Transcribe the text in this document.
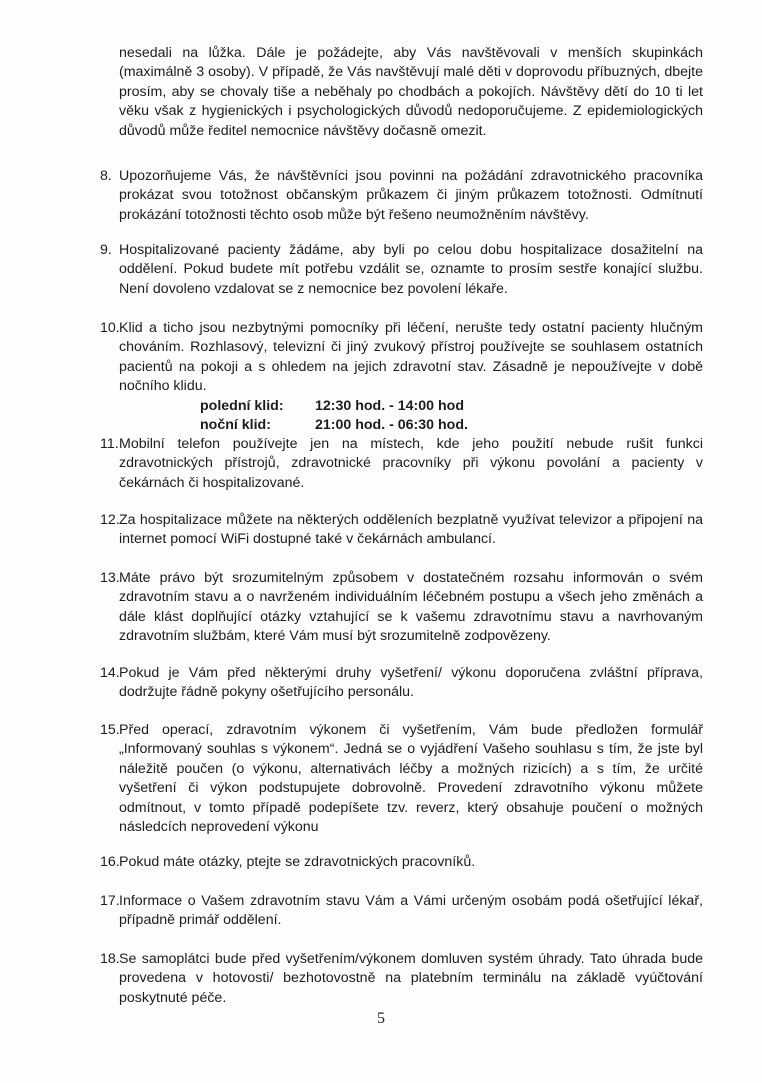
nesedali na lůžka. Dále je požádejte, aby Vás navštěvovali v menších skupinkách (maximálně 3 osoby). V případě, že Vás navštěvují malé děti v doprovodu příbuzných, dbejte prosím, aby se chovaly tiše a neběhaly po chodbách a pokojích. Návštěvy dětí do 10 ti let věku však z hygienických i psychologických důvodů nedoporučujeme. Z epidemiologických důvodů může ředitel nemocnice návštěvy dočasně omezit.
8. Upozorňujeme Vás, že návštěvníci jsou povinni na požádání zdravotnického pracovníka prokázat svou totožnost občanským průkazem či jiným průkazem totožnosti. Odmítnutí prokázání totožnosti těchto osob může být řešeno neumožněním návštěvy.
9. Hospitalizované pacienty žádáme, aby byli po celou dobu hospitalizace dosažitelní na oddělení. Pokud budete mít potřebu vzdálit se, oznamte to prosím sestře konající službu. Není dovoleno vzdalovat se z nemocnice bez povolení lékaře.
10. Klid a ticho jsou nezbytnými pomocníky při léčení, nerušte tedy ostatní pacienty hlučným chováním. Rozhlasový, televizní či jiný zvukový přístroj používejte se souhlasem ostatních pacientů na pokoji a s ohledem na jejich zdravotní stav. Zásadně je nepoužívejte v době nočního klidu.
polední klid:	12:30 hod. - 14:00 hod
noční klid:	21:00 hod. - 06:30 hod.
11. Mobilní telefon používejte jen na místech, kde jeho použití nebude rušit funkci zdravotnických přístrojů, zdravotnické pracovníky při výkonu povolání a pacienty v čekárnách či hospitalizované.
12. Za hospitalizace můžete na některých odděleních bezplatně využívat televizor a připojení na internet pomocí WiFi dostupné také v čekárnách ambulancí.
13. Máte právo být srozumitelným způsobem v dostatečném rozsahu informován o svém zdravotním stavu a o navrženém individuálním léčebném postupu a všech jeho změnách a dále klást doplňující otázky vztahující se k vašemu zdravotnímu stavu a navrhovaným zdravotním službám, které Vám musí být srozumitelně zodpovězeny.
14. Pokud je Vám před některými druhy vyšetření/ výkonu doporučena zvláštní příprava, dodržujte řádně pokyny ošetřujícího personálu.
15. Před operací, zdravotním výkonem či vyšetřením, Vám bude předložen formulář „Informovaný souhlas s výkonem“. Jedná se o vyjádření Vašeho souhlasu s tím, že jste byl náležitě poučen (o výkonu, alternativách léčby a možných rizicích) a s tím, že určité vyšetření či výkon podstupujete dobrovolně. Provedení zdravotního výkonu můžete odmítnout, v tomto případě podepíšete tzv. reverz, který obsahuje poučení o možných následcích neprovedení výkonu
16. Pokud máte otázky, ptejte se zdravotnických pracovníků.
17. Informace o Vašem zdravotním stavu Vám a Vámi určeným osobám podá ošetřující lékař, případně primář oddělení.
18. Se samoplátci bude před vyšetřením/výkonem domluven systém úhrady. Tato úhrada bude provedena v hotovosti/ bezhotovostně na platebním terminálu na základě vyúčtování poskytnuté péče.
5
